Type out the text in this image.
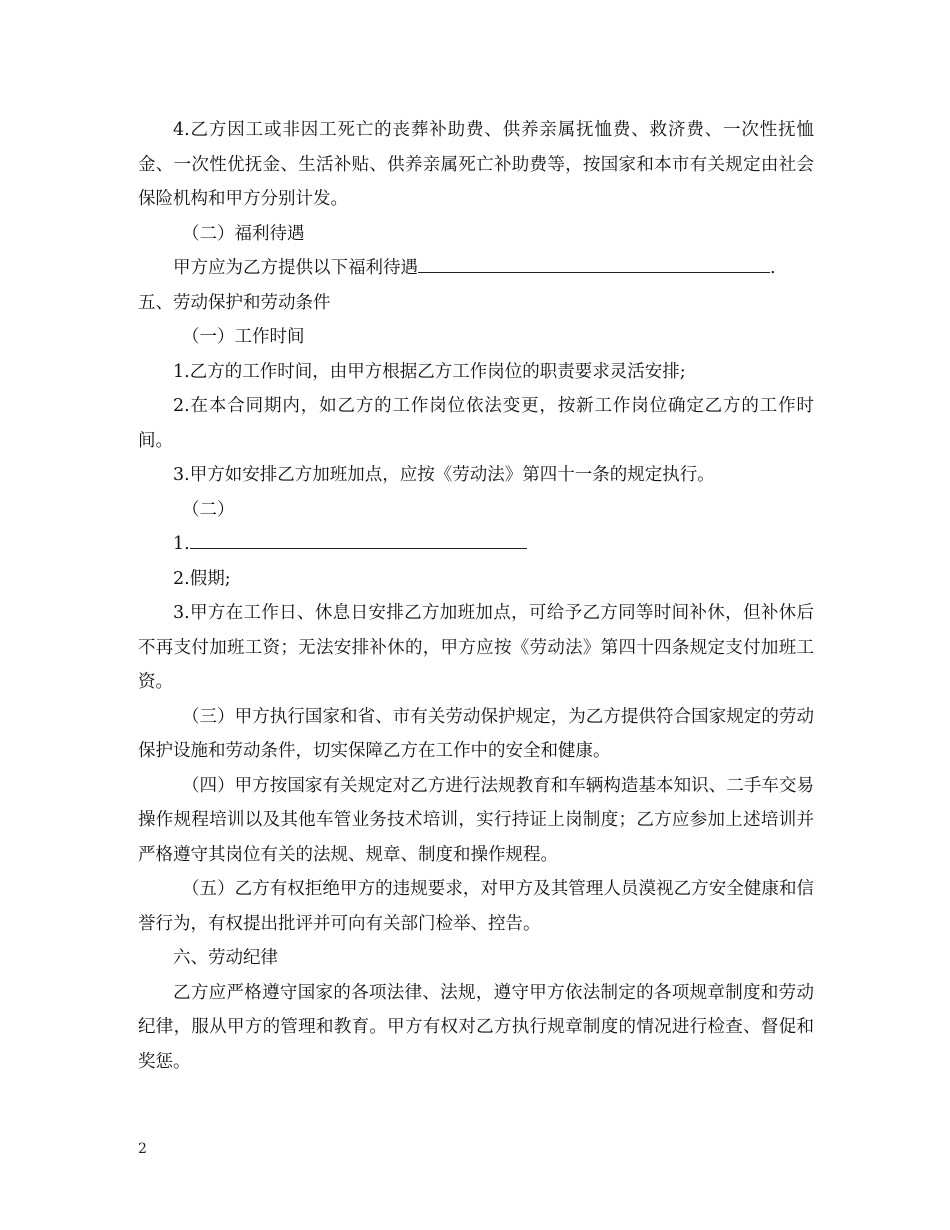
4.乙方因工或非因工死亡的丧葬补助费、供养亲属抚恤费、救济费、一次性抚恤金、一次性优抚金、生活补贴、供养亲属死亡补助费等，按国家和本市有关规定由社会保险机构和甲方分别计发。

（二）福利待遇

甲方应为乙方提供以下福利待遇	.

五、劳动保护和劳动条件

（一）工作时间

1.乙方的工作时间，由甲方根据乙方工作岗位的职责要求灵活安排;

2.在本合同期内，如乙方的工作岗位依法变更，按新工作岗位确定乙方的工作时间。

3.甲方如安排乙方加班加点，应按《劳动法》第四十一条的规定执行。

（二）

1.

2.假期;

3.甲方在工作日、休息日安排乙方加班加点，可给予乙方同等时间补休，但补休后不再支付加班工资；无法安排补休的，甲方应按《劳动法》第四十四条规定支付加班工资。

（三）甲方执行国家和省、市有关劳动保护规定，为乙方提供符合国家规定的劳动保护设施和劳动条件，切实保障乙方在工作中的安全和健康。

（四）甲方按国家有关规定对乙方进行法规教育和车辆构造基本知识、二手车交易操作规程培训以及其他车管业务技术培训，实行持证上岗制度；乙方应参加上述培训并严格遵守其岗位有关的法规、规章、制度和操作规程。

（五）乙方有权拒绝甲方的违规要求，对甲方及其管理人员漠视乙方安全健康和信誉行为，有权提出批评并可向有关部门检举、控告。

六、劳动纪律

乙方应严格遵守国家的各项法律、法规，遵守甲方依法制定的各项规章制度和劳动纪律，服从甲方的管理和教育。甲方有权对乙方执行规章制度的情况进行检查、督促和奖惩。

2
